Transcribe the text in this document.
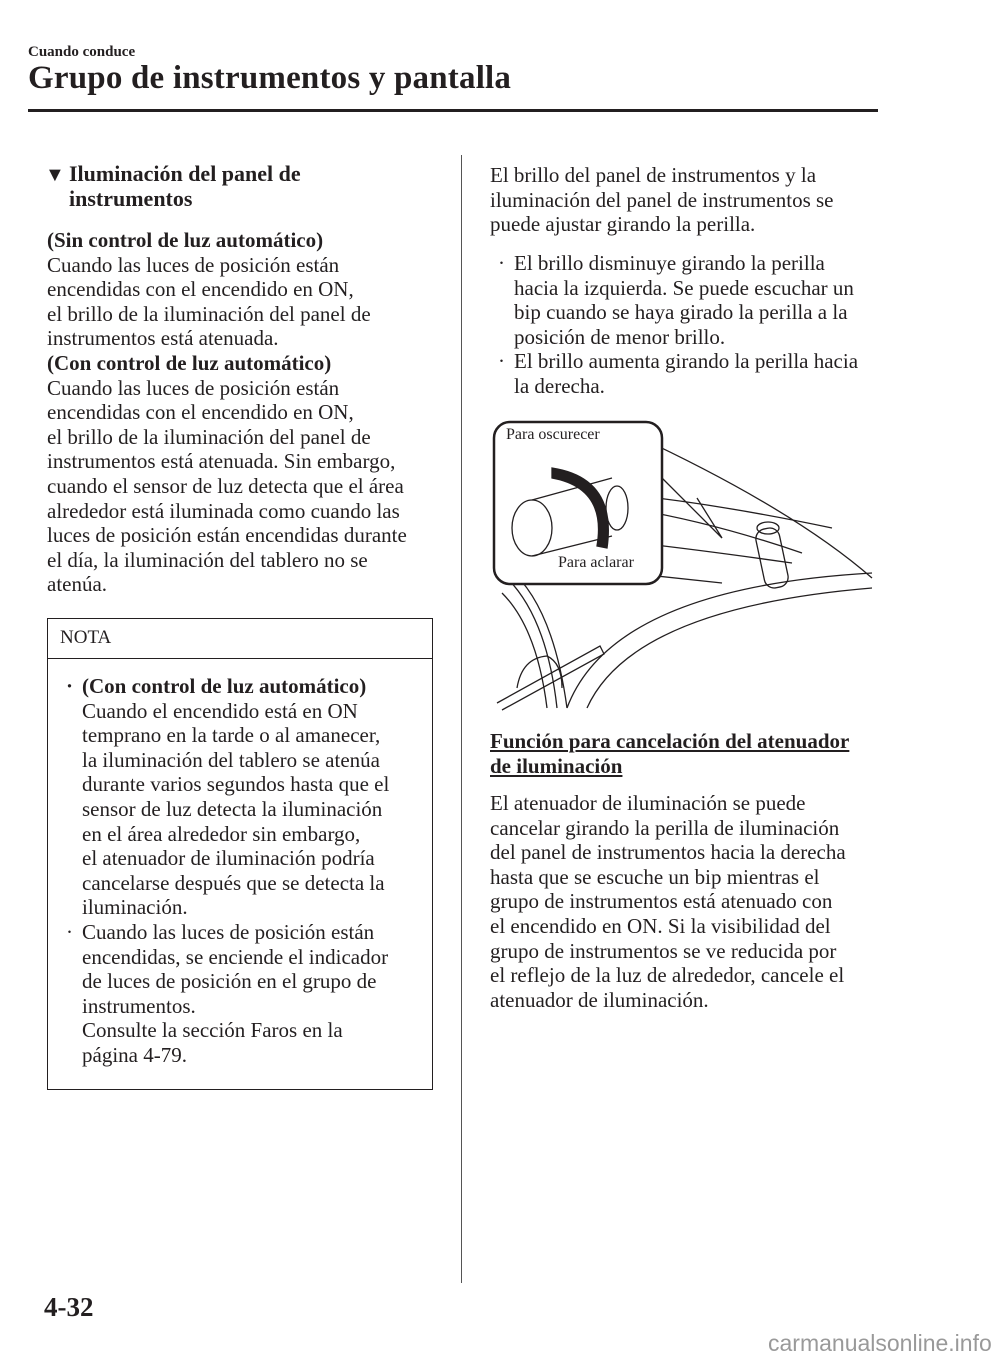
Cuando conduce
Grupo de instrumentos y pantalla
▼ Iluminación del panel de
instrumentos
(Sin control de luz automático)
Cuando las luces de posición están
encendidas con el encendido en ON,
el brillo de la iluminación del panel de
instrumentos está atenuada.
(Con control de luz automático)
Cuando las luces de posición están
encendidas con el encendido en ON,
el brillo de la iluminación del panel de
instrumentos está atenuada. Sin embargo,
cuando el sensor de luz detecta que el área
alrededor está iluminada como cuando las
luces de posición están encendidas durante
el día, la iluminación del tablero no se
atenúa.
NOTA
· (Con control de luz automático)
Cuando el encendido está en ON
temprano en la tarde o al amanecer,
la iluminación del tablero se atenúa
durante varios segundos hasta que el
sensor de luz detecta la iluminación
en el área alrededor sin embargo,
el atenuador de iluminación podría
cancelarse después que se detecta la
iluminación.
· Cuando las luces de posición están
encendidas, se enciende el indicador
de luces de posición en el grupo de
instrumentos.
Consulte la sección Faros en la
página 4-79.
El brillo del panel de instrumentos y la
iluminación del panel de instrumentos se
puede ajustar girando la perilla.
· El brillo disminuye girando la perilla
hacia la izquierda. Se puede escuchar un
bip cuando se haya girado la perilla a la
posición de menor brillo.
· El brillo aumenta girando la perilla hacia
la derecha.
Para oscurecer
Para aclarar
Función para cancelación del atenuador
de iluminación
El atenuador de iluminación se puede
cancelar girando la perilla de iluminación
del panel de instrumentos hacia la derecha
hasta que se escuche un bip mientras el
grupo de instrumentos está atenuado con
el encendido en ON. Si la visibilidad del
grupo de instrumentos se ve reducida por
el reflejo de la luz de alrededor, cancele el
atenuador de iluminación.
4-32
carmanualsonline.info
